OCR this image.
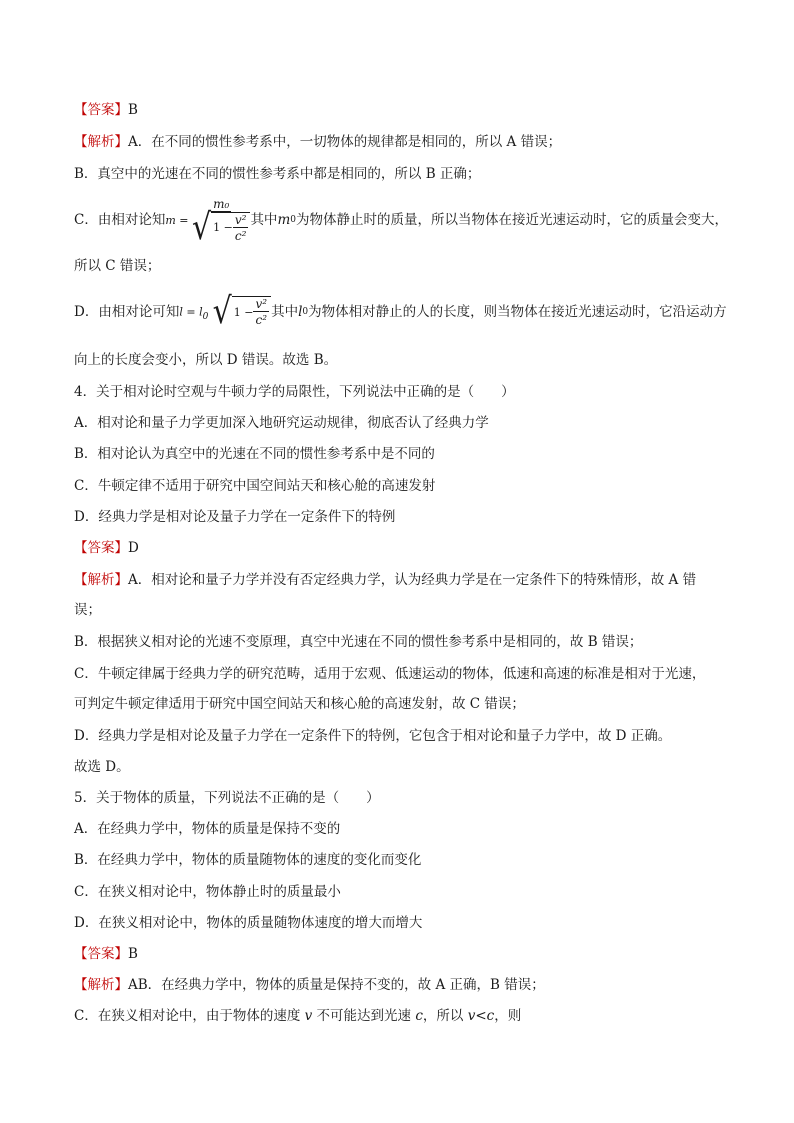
【答案】B
【解析】A．在不同的惯性参考系中，一切物体的规律都是相同的，所以 A 错误；
B．真空中的光速在不同的惯性参考系中都是相同的，所以 B 正确；
C．由相对论知 m =
m₀
√ $1 - \frac{\text{v²}}{\text{c²}}$ 其中 m 0 为物体静止时的质量，所以当物体在接近光速运动时，它的质量会变大，
所以 C 错误；
D．由相对论可知 $l = l_0$ √ $1 - \frac{\text{v²}}{\text{c²}}$ 其中 l 0 为物体相对静止的人的长度，则当物体在接近光速运动时，它沿运动方
向上的长度会变小，所以 D 错误。故选 B。
4．关于相对论时空观与牛顿力学的局限性，下列说法中正确的是（　　）
A．相对论和量子力学更加深入地研究运动规律，彻底否认了经典力学
B．相对论认为真空中的光速在不同的惯性参考系中是不同的
C．牛顿定律不适用于研究中国空间站天和核心舱的高速发射
D．经典力学是相对论及量子力学在一定条件下的特例
【答案】D
【解析】A．相对论和量子力学并没有否定经典力学，认为经典力学是在一定条件下的特殊情形，故 A 错
误；
B．根据狭义相对论的光速不变原理，真空中光速在不同的惯性参考系中是相同的，故 B 错误；
C．牛顿定律属于经典力学的研究范畴，适用于宏观、低速运动的物体，低速和高速的标准是相对于光速，
可判定牛顿定律适用于研究中国空间站天和核心舱的高速发射，故 C 错误；
D．经典力学是相对论及量子力学在一定条件下的特例，它包含于相对论和量子力学中，故 D 正确。
故选 D。
5．关于物体的质量，下列说法不正确的是（　　）
A．在经典力学中，物体的质量是保持不变的
B．在经典力学中，物体的质量随物体的速度的变化而变化
C．在狭义相对论中，物体静止时的质量最小
D．在狭义相对论中，物体的质量随物体速度的增大而增大
【答案】B
【解析】AB．在经典力学中，物体的质量是保持不变的，故 A 正确，B 错误；
C．在狭义相对论中，由于物体的速度 v 不可能达到光速 c，所以 v<c，则
